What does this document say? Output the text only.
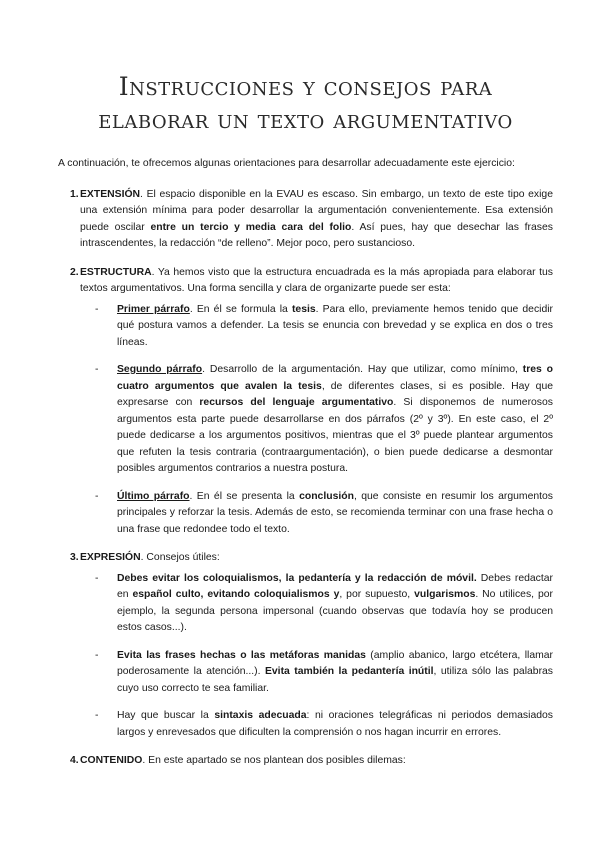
Instrucciones y consejos para
elaborar un texto argumentativo

A continuación, te ofrecemos algunas orientaciones para desarrollar adecuadamente este ejercicio:

1. EXTENSIÓN. El espacio disponible en la EVAU es escaso. Sin embargo, un texto de este tipo exige una extensión mínima para poder desarrollar la argumentación convenientemente. Esa extensión puede oscilar entre un tercio y media cara del folio. Así pues, hay que desechar las frases intrascendentes, la redacción “de relleno”. Mejor poco, pero sustancioso.
2. ESTRUCTURA. Ya hemos visto que la estructura encuadrada es la más apropiada para elaborar tus textos argumentativos. Una forma sencilla y clara de organizarte puede ser esta:
- Primer párrafo. En él se formula la tesis. Para ello, previamente hemos tenido que decidir qué postura vamos a defender. La tesis se enuncia con brevedad y se explica en dos o tres líneas.
- Segundo párrafo. Desarrollo de la argumentación. Hay que utilizar, como mínimo, tres o cuatro argumentos que avalen la tesis, de diferentes clases, si es posible. Hay que expresarse con recursos del lenguaje argumentativo. Si disponemos de numerosos argumentos esta parte puede desarrollarse en dos párrafos (2º y 3º). En este caso, el 2º puede dedicarse a los argumentos positivos, mientras que el 3º puede plantear argumentos que refuten la tesis contraria (contraargumentación), o bien puede dedicarse a desmontar posibles argumentos contrarios a nuestra postura.
- Último párrafo. En él se presenta la conclusión, que consiste en resumir los argumentos principales y reforzar la tesis. Además de esto, se recomienda terminar con una frase hecha o una frase que redondee todo el texto.
3. EXPRESIÓN. Consejos útiles:
- Debes evitar los coloquialismos, la pedantería y la redacción de móvil. Debes redactar en español culto, evitando coloquialismos y, por supuesto, vulgarismos. No utilices, por ejemplo, la segunda persona impersonal (cuando observas que todavía hoy se producen estos casos...).
- Evita las frases hechas o las metáforas manidas (amplio abanico, largo etcétera, llamar poderosamente la atención...). Evita también la pedantería inútil, utiliza sólo las palabras cuyo uso correcto te sea familiar.
- Hay que buscar la sintaxis adecuada: ni oraciones telegráficas ni periodos demasiados largos y enrevesados que dificulten la comprensión o nos hagan incurrir en errores.
4. CONTENIDO. En este apartado se nos plantean dos posibles dilemas:
